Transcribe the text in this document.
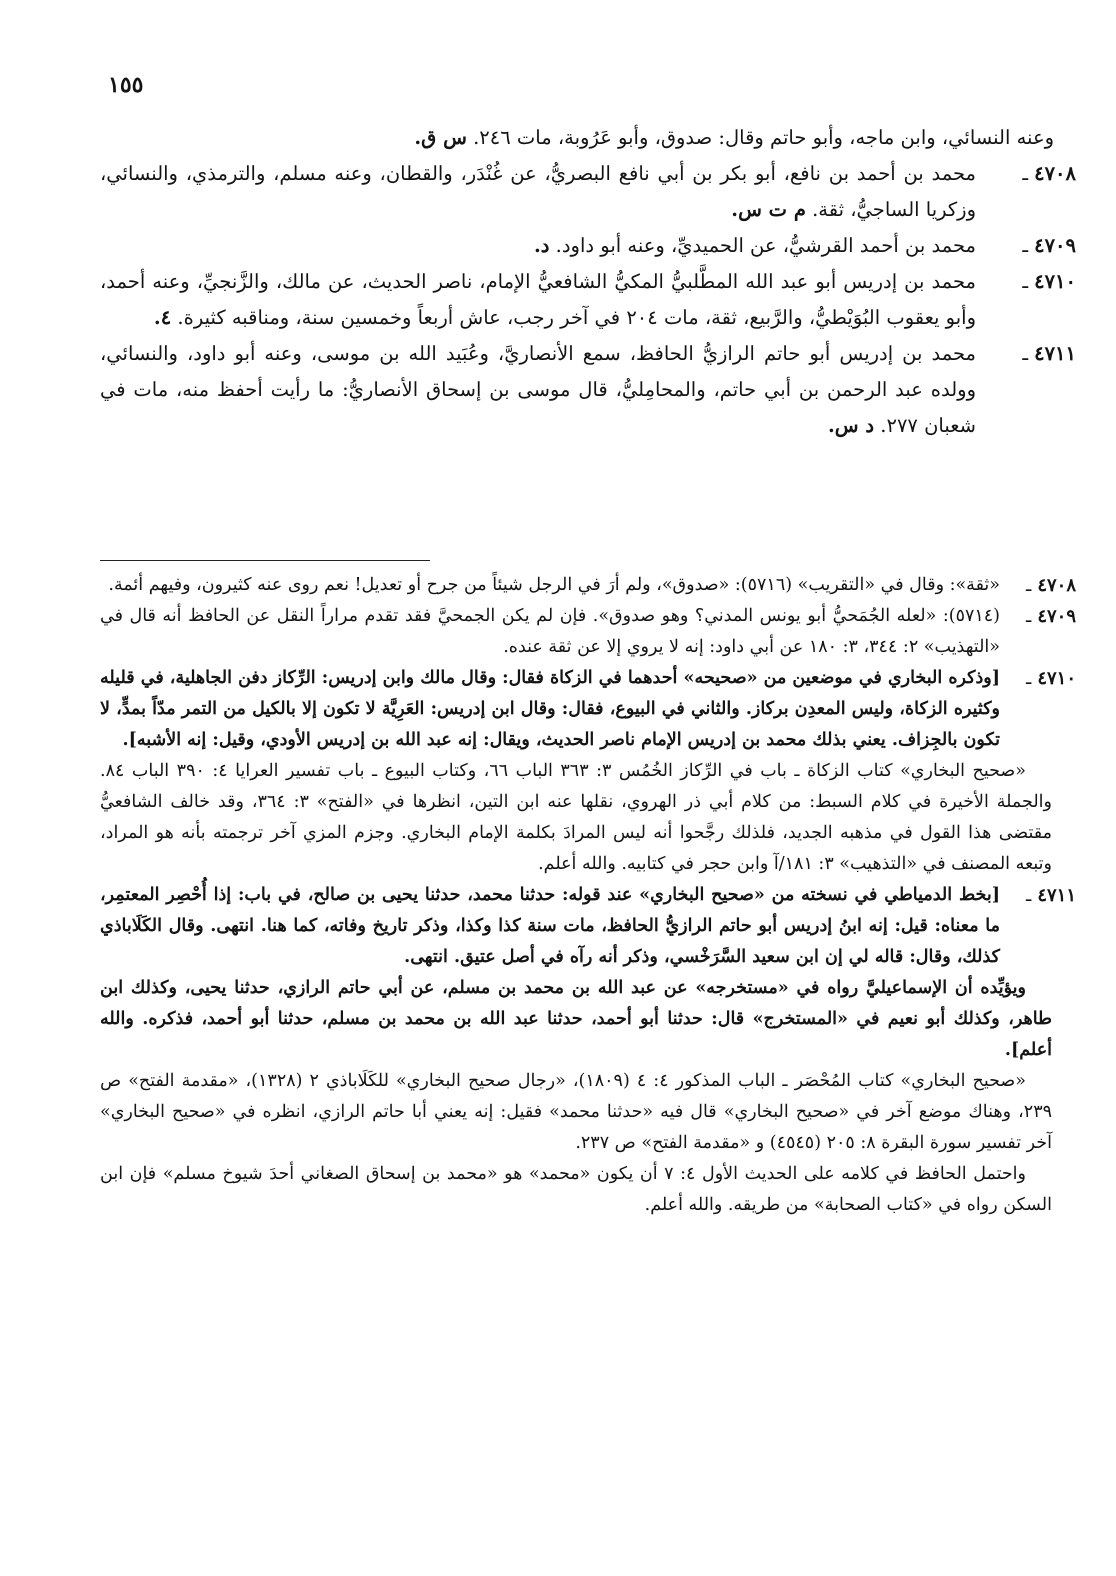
١٥٥

وعنه النسائي، وابن ماجه، وأبو حاتم وقال: صدوق، وأبو عَرُوبة، مات ٢٤٦. س ق.

٤٧٠٨ـ
محمد بن أحمد بن نافع، أبو بكر بن أبي نافع البصريُّ، عن غُنْدَر، والقطان، وعنه مسلم، والترمذي، والنسائي، وزكريا الساجيُّ، ثقة. م ت س.

٤٧٠٩ـ
محمد بن أحمد القرشيُّ، عن الحميديِّ، وعنه أبو داود. د.

٤٧١٠ـ
محمد بن إدريس أبو عبد الله المطَّلبيُّ المكيُّ الشافعيُّ الإمام، ناصر الحديث، عن مالك، والزَّنجيِّ، وعنه أحمد، وأبو يعقوب البُوَيْطيُّ، والرَّبيع، ثقة، مات ٢٠٤ في آخر رجب، عاش أربعاً وخمسين سنة، ومناقبه كثيرة. ٤.

٤٧١١ـ
محمد بن إدريس أبو حاتم الرازيُّ الحافظ، سمع الأنصاريَّ، وعُبَيد الله بن موسى، وعنه أبو داود، والنسائي، وولده عبد الرحمن بن أبي حاتم، والمحامِليُّ، قال موسى بن إسحاق الأنصاريُّ: ما رأيت أحفظ منه، مات في شعبان ٢٧٧. د س.

٤٧٠٨ـ
«ثقة»: وقال في «التقريب» (٥٧١٦): «صدوق»، ولم أرَ في الرجل شيئاً من جرح أو تعديل! نعم روى عنه كثيرون، وفيهم أئمة.

٤٧٠٩ـ
(٥٧١٤): «لعله الجُمَحيُّ أبو يونس المدني؟ وهو صدوق». فإن لم يكن الجمحيَّ فقد تقدم مراراً النقل عن الحافظ أنه قال في «التهذيب» ٢: ٣٤٤، ٣: ١٨٠ عن أبي داود: إنه لا يروي إلا عن ثقة عنده.

٤٧١٠ـ
[وذكره البخاري في موضعين من «صحيحه» أحدهما في الزكاة فقال: وقال مالك وابن إدريس: الرِّكاز دفن الجاهلية، في قليله وكثيره الزكاة، وليس المعدِن بركاز. والثاني في البيوع، فقال: وقال ابن إدريس: العَرِيَّة لا تكون إلا بالكيل من التمر مدّاً بمدٍّ، لا تكون بالجِزاف. يعني بذلك محمد بن إدريس الإمام ناصر الحديث، ويقال: إنه عبد الله بن إدريس الأودي، وقيل: إنه الأشبه].

«صحيح البخاري» كتاب الزكاة ـ باب في الرِّكاز الخُمُس ٣: ٣٦٣ الباب ٦٦، وكتاب البيوع ـ باب تفسير العرايا ٤: ٣٩٠ الباب ٨٤. والجملة الأخيرة في كلام السبط: من كلام أبي ذر الهروي، نقلها عنه ابن التين، انظرها في «الفتح» ٣: ٣٦٤، وقد خالف الشافعيُّ مقتضى هذا القول في مذهبه الجديد، فلذلك رجَّحوا أنه ليس المرادَ بكلمة الإمام البخاري. وجزم المزي آخر ترجمته بأنه هو المراد، وتبعه المصنف في «التذهيب» ٣: ١٨١/آ وابن حجر في كتابيه. والله أعلم.

٤٧١١ـ
[بخط الدمياطي في نسخته من «صحيح البخاري» عند قوله: حدثنا محمد، حدثنا يحيى بن صالح، في باب: إذا أُحْصِر المعتمِر، ما معناه: قيل: إنه ابنُ إدريس أبو حاتم الرازيُّ الحافظ، مات سنة كذا وكذا، وذكر تاريخ وفاته، كما هنا. انتهى. وقال الكَلَاباذي كذلك، وقال: قاله لي إن ابن سعيد السَّرَخْسي، وذكر أنه رآه في أصل عتيق. انتهى.

ويؤيِّده أن الإسماعيليَّ رواه في «مستخرجه» عن عبد الله بن محمد بن مسلم، عن أبي حاتم الرازي، حدثنا يحيى، وكذلك ابن طاهر، وكذلك أبو نعيم في «المستخرج» قال: حدثنا أبو أحمد، حدثنا عبد الله بن محمد بن مسلم، حدثنا أبو أحمد، فذكره. والله أعلم].

«صحيح البخاري» كتاب المُحْصَر ـ الباب المذكور ٤: ٤ (١٨٠٩)، «رجال صحيح البخاري» للكَلَاباذي ٢ (١٣٢٨)، «مقدمة الفتح» ص ٢٣٩، وهناك موضع آخر في «صحيح البخاري» قال فيه «حدثنا محمد» فقيل: إنه يعني أبا حاتم الرازي، انظره في «صحيح البخاري» آخر تفسير سورة البقرة ٨: ٢٠٥ (٤٥٤٥) و «مقدمة الفتح» ص ٢٣٧.

واحتمل الحافظ في كلامه على الحديث الأول ٤: ٧ أن يكون «محمد» هو «محمد بن إسحاق الصغاني أحدَ شيوخ مسلم» فإن ابن السكن رواه في «كتاب الصحابة» من طريقه. والله أعلم.
